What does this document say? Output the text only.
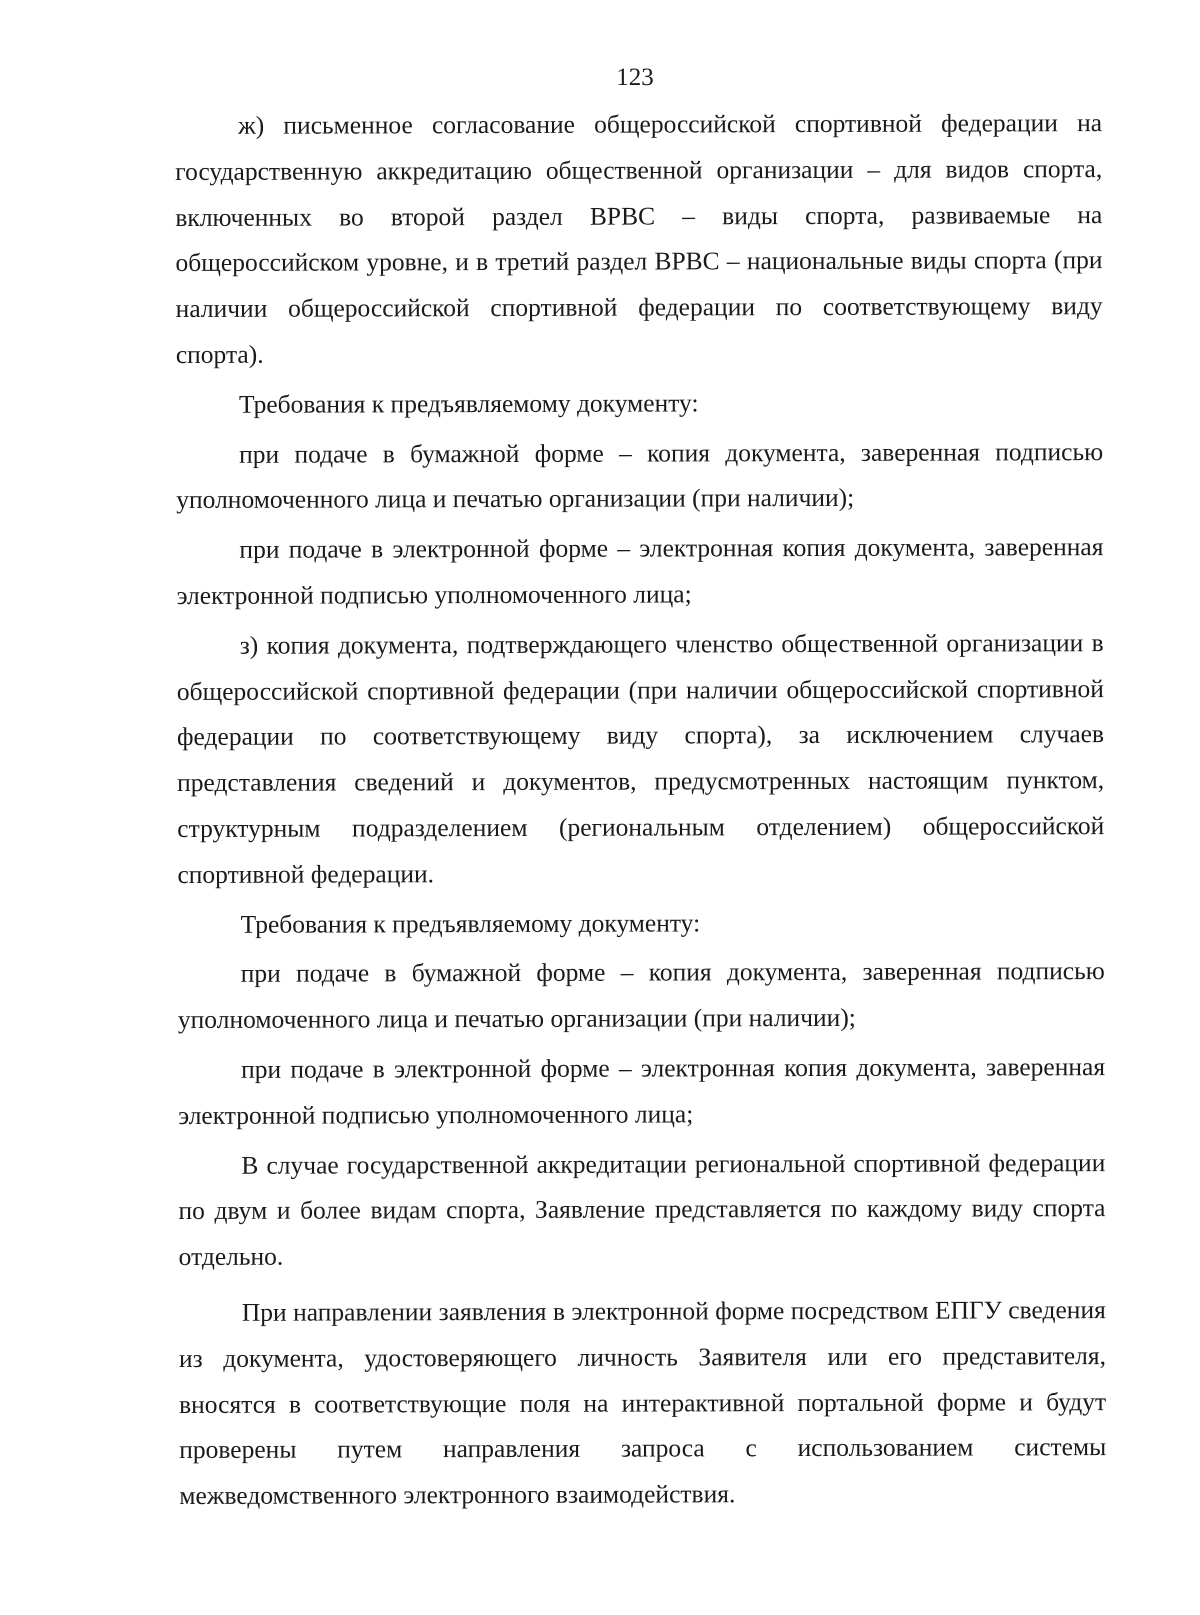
123

ж) письменное согласование общероссийской спортивной федерации на государственную аккредитацию общественной организации – для видов спорта, включенных во второй раздел ВРВС – виды спорта, развиваемые на общероссийском уровне, и в третий раздел ВРВС – национальные виды спорта (при наличии общероссийской спортивной федерации по соответствующему виду спорта).

Требования к предъявляемому документу:

при подаче в бумажной форме – копия документа, заверенная подписью уполномоченного лица и печатью организации (при наличии);

при подаче в электронной форме – электронная копия документа, заверенная электронной подписью уполномоченного лица;

з) копия документа, подтверждающего членство общественной организации в общероссийской спортивной федерации (при наличии общероссийской спортивной федерации по соответствующему виду спорта), за исключением случаев представления сведений и документов, предусмотренных настоящим пунктом, структурным подразделением (региональным отделением) общероссийской спортивной федерации.

Требования к предъявляемому документу:

при подаче в бумажной форме – копия документа, заверенная подписью уполномоченного лица и печатью организации (при наличии);

при подаче в электронной форме – электронная копия документа, заверенная электронной подписью уполномоченного лица;

В случае государственной аккредитации региональной спортивной федерации по двум и более видам спорта, Заявление представляется по каждому виду спорта отдельно.

При направлении заявления в электронной форме посредством ЕПГУ сведения из документа, удостоверяющего личность Заявителя или его представителя, вносятся в соответствующие поля на интерактивной портальной форме и будут проверены путем направления запроса с использованием системы межведомственного электронного взаимодействия.
